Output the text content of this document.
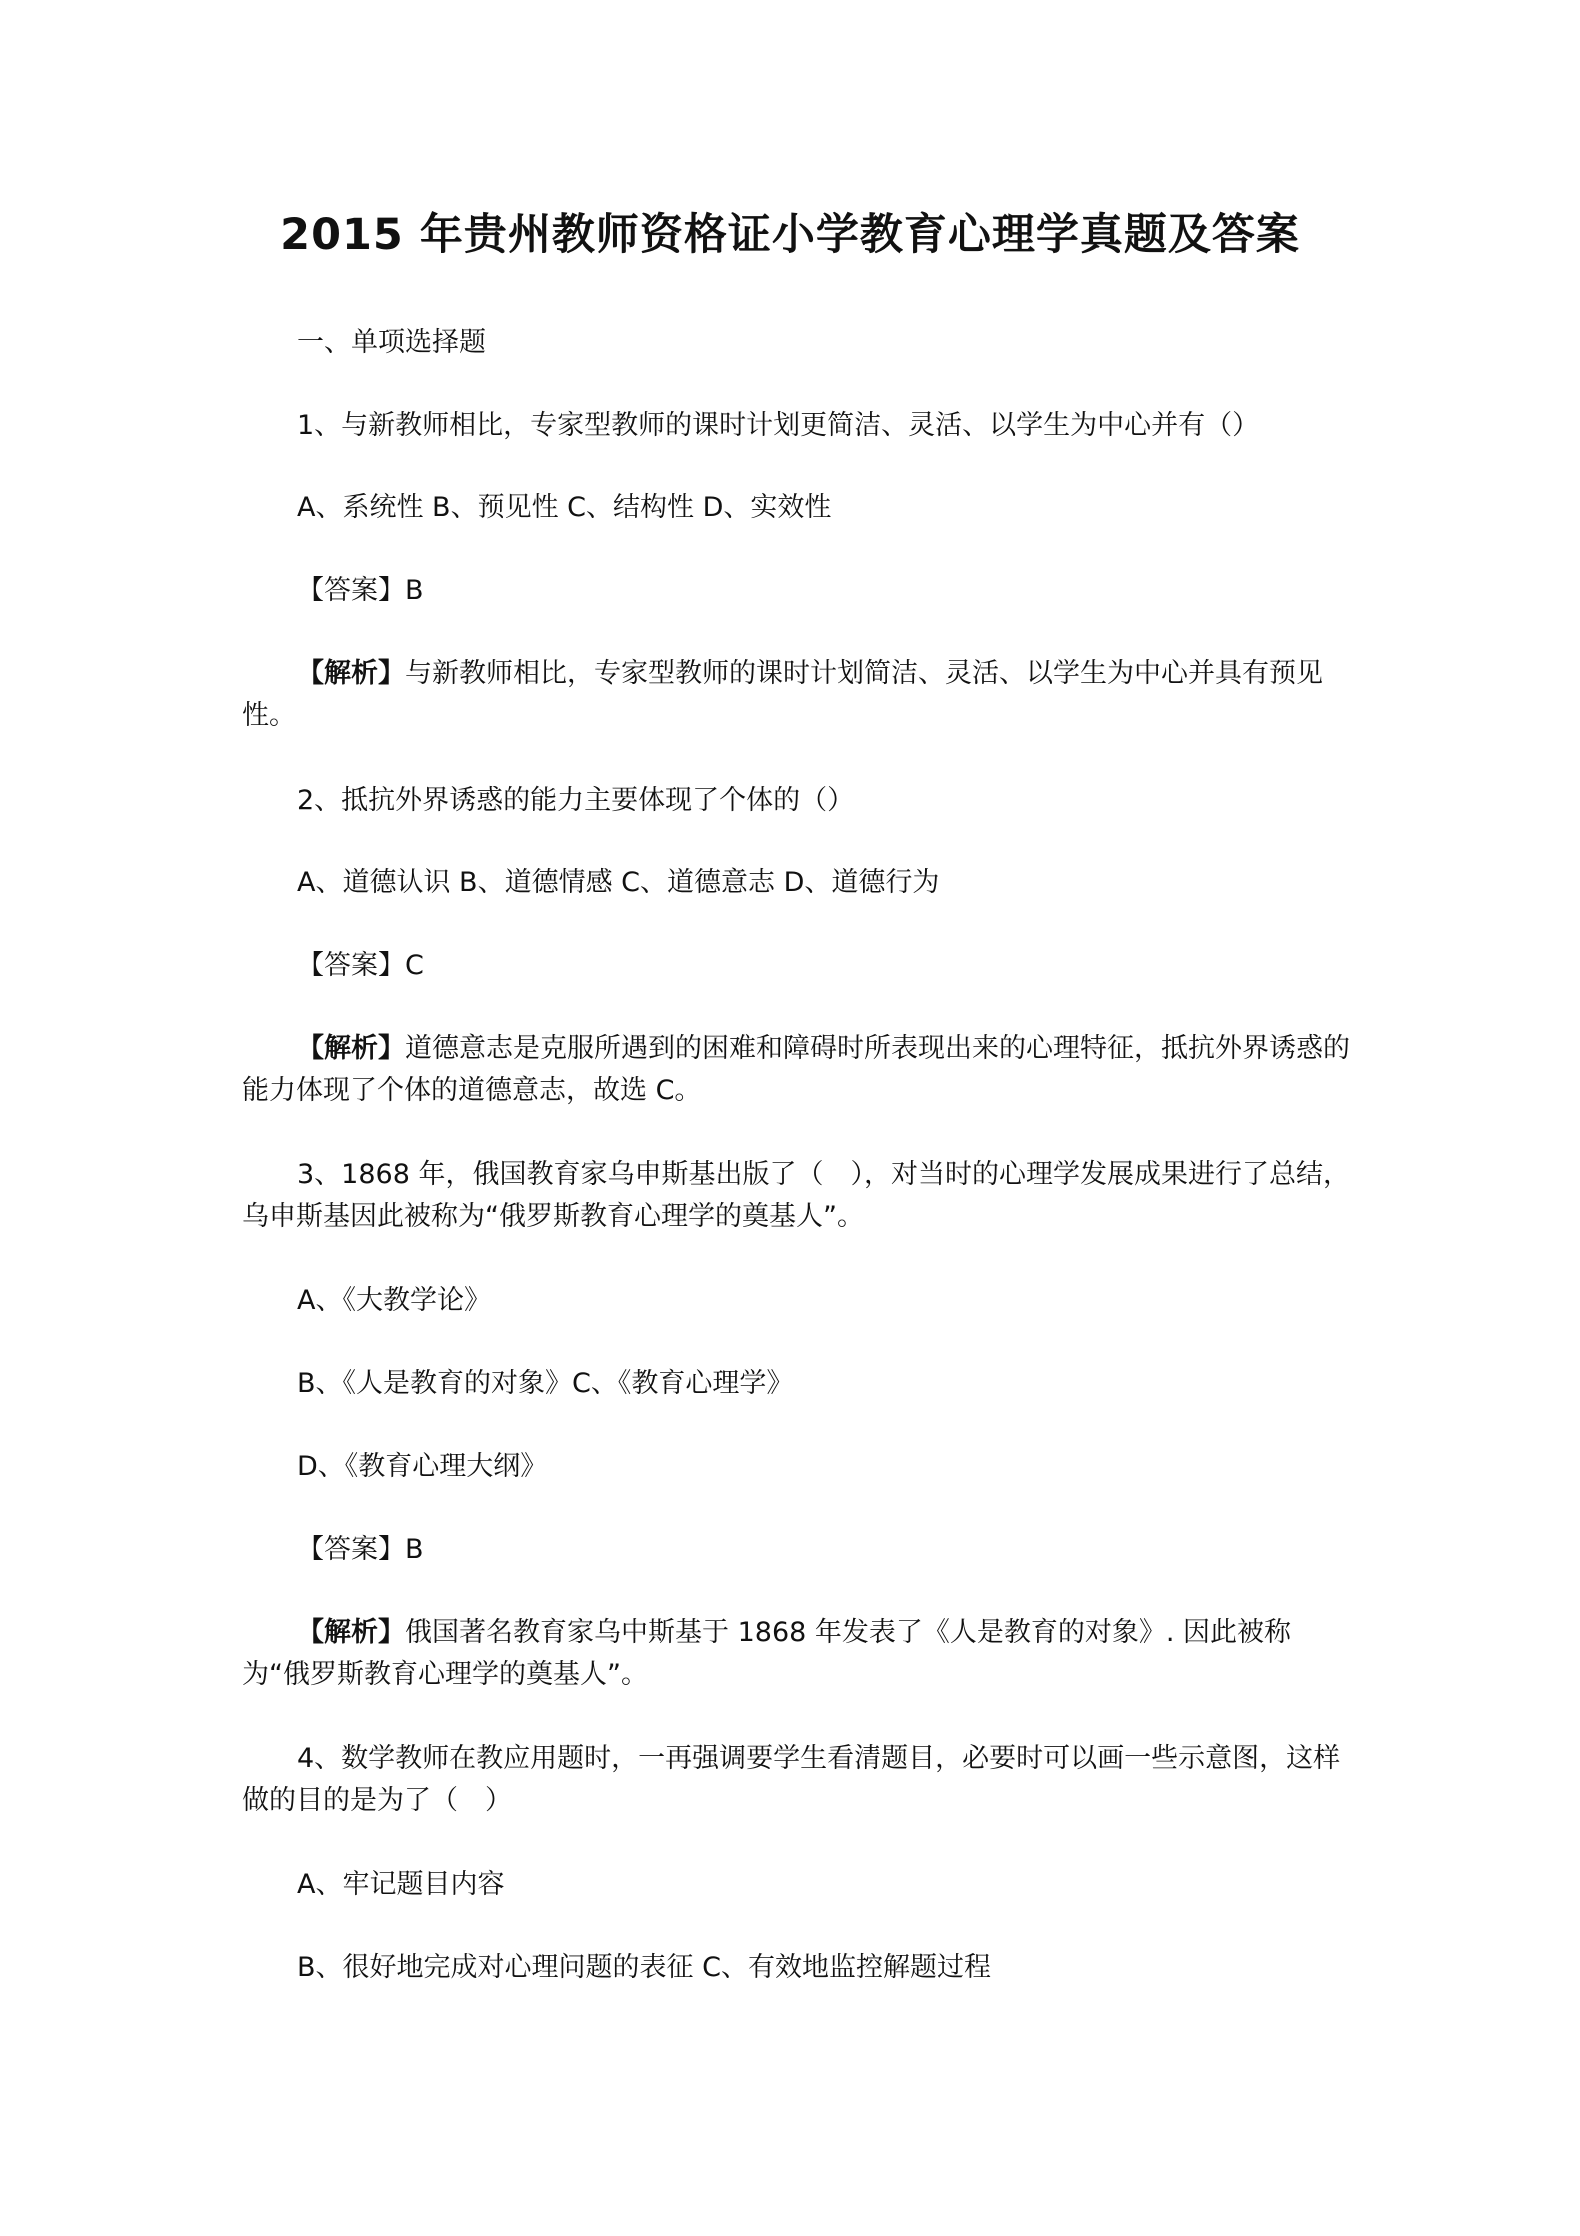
2015 年贵州教师资格证小学教育心理学真题及答案

一、单项选择题

1、与新教师相比，专家型教师的课时计划更简洁、灵活、以学生为中心并有（）

A、系统性 B、预见性 C、结构性 D、实效性

【答案】B

【解析】与新教师相比，专家型教师的课时计划简洁、灵活、以学生为中心并具有预见性。

2、抵抗外界诱惑的能力主要体现了个体的（）

A、道德认识 B、道德情感 C、道德意志 D、道德行为

【答案】C

【解析】道德意志是克服所遇到的困难和障碍时所表现出来的心理特征，抵抗外界诱惑的能力体现了个体的道德意志，故选 C。

3、1868 年，俄国教育家乌申斯基出版了（　），对当时的心理学发展成果进行了总结，乌申斯基因此被称为“俄罗斯教育心理学的奠基人”。

A、《大教学论》

B、《人是教育的对象》C、《教育心理学》

D、《教育心理大纲》

【答案】B

【解析】俄国著名教育家乌中斯基于 1868 年发表了《人是教育的对象》. 因此被称为“俄罗斯教育心理学的奠基人”。

4、数学教师在教应用题时，一再强调要学生看清题目，必要时可以画一些示意图，这样做的目的是为了（　）

A、牢记题目内容

B、很好地完成对心理问题的表征 C、有效地监控解题过程
